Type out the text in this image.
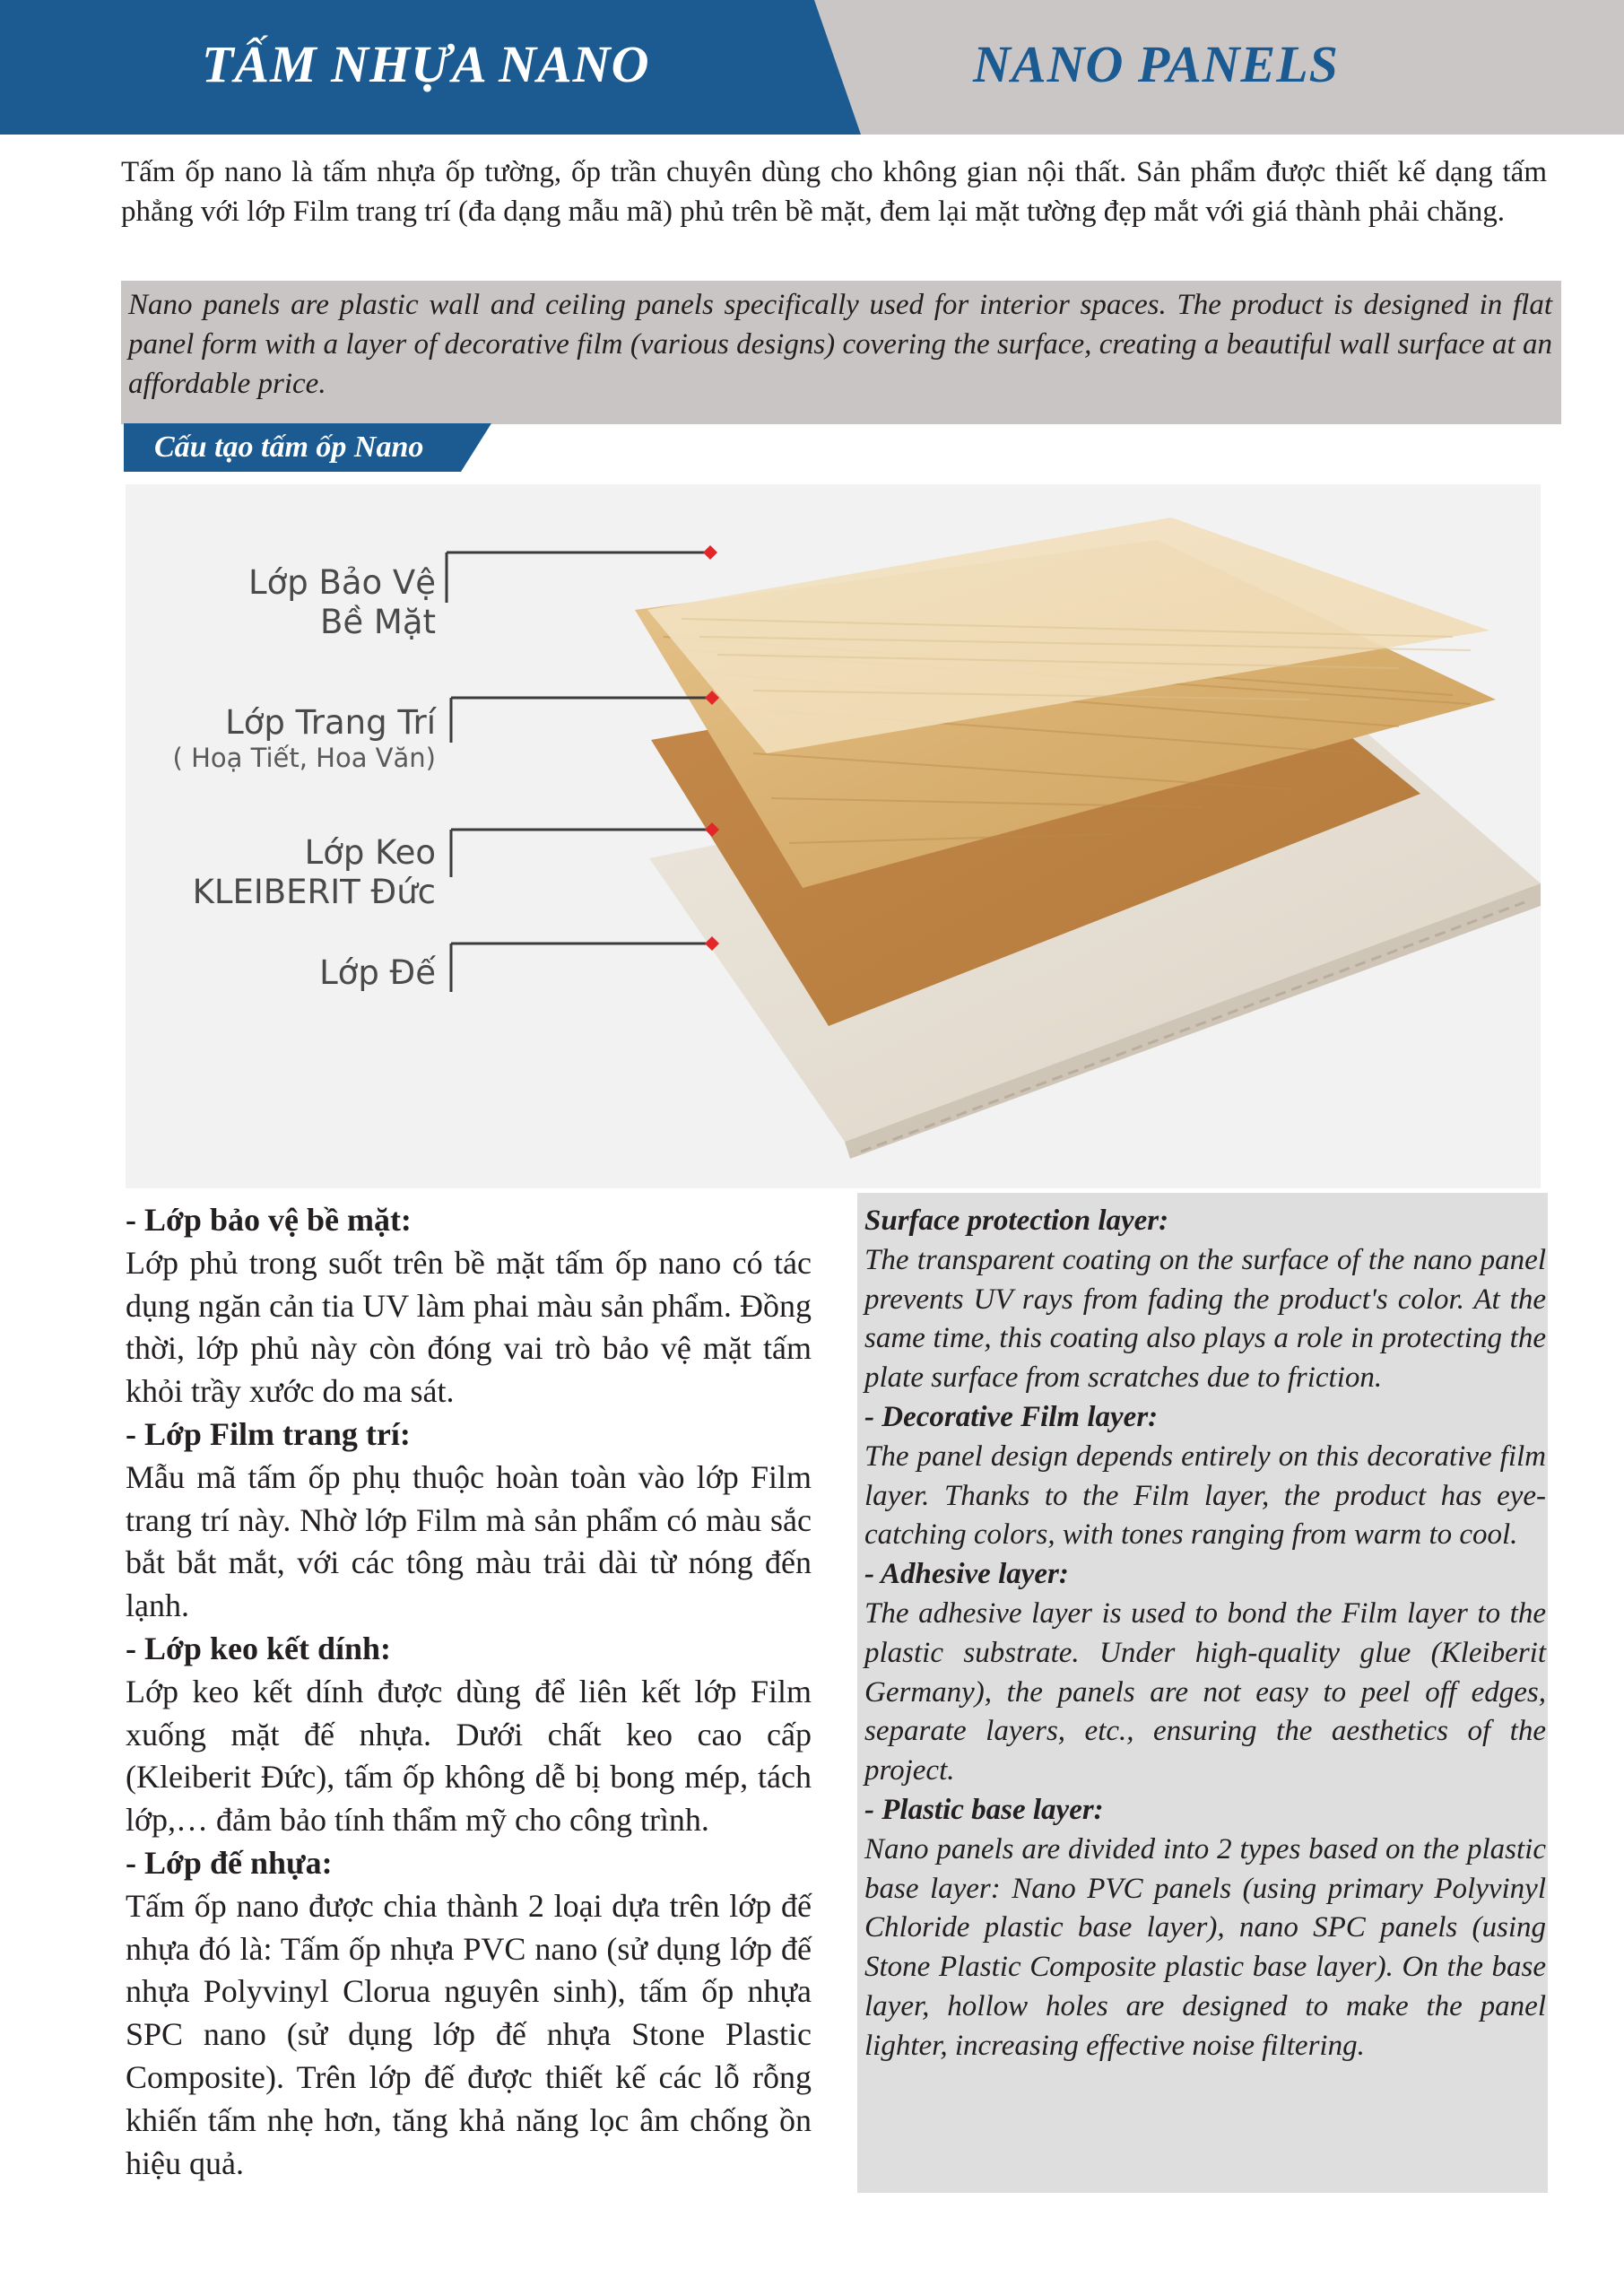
TẤM NHỰA NANO	NANO PANELS
Tấm ốp nano là tấm nhựa ốp tường, ốp trần chuyên dùng cho không gian nội thất. Sản phẩm được thiết kế dạng tấm phẳng với lớp Film trang trí (đa dạng mẫu mã) phủ trên bề mặt, đem lại mặt tường đẹp mắt với giá thành phải chăng.

Nano panels are plastic wall and ceiling panels specifically used for interior spaces. The product is designed in flat panel form with a layer of decorative film (various designs) covering the surface, creating a beautiful wall surface at an affordable price.

Cấu tạo tấm ốp Nano
Lớp Bảo Vệ
Bề Mặt
Lớp Trang Trí
( Hoạ Tiết, Hoa Văn)
Lớp Keo
KLEIBERIT Đức
Lớp Đế
- Lớp bảo vệ bề mặt:

Lớp phủ trong suốt trên bề mặt tấm ốp nano có tác dụng ngăn cản tia UV làm phai màu sản phẩm. Đồng thời, lớp phủ này còn đóng vai trò bảo vệ mặt tấm khỏi trầy xước do ma sát.

- Lớp Film trang trí:

Mẫu mã tấm ốp phụ thuộc hoàn toàn vào lớp Film trang trí này. Nhờ lớp Film mà sản phẩm có màu sắc bắt bắt mắt, với các tông màu trải dài từ nóng đến lạnh.

- Lớp keo kết dính:

Lớp keo kết dính được dùng để liên kết lớp Film xuống mặt đế nhựa. Dưới chất keo cao cấp (Kleiberit Đức), tấm ốp không dễ bị bong mép, tách lớp,… đảm bảo tính thẩm mỹ cho công trình.

- Lớp đế nhựa:

Tấm ốp nano được chia thành 2 loại dựa trên lớp đế nhựa đó là: Tấm ốp nhựa PVC nano (sử dụng lớp đế nhựa Polyvinyl Clorua nguyên sinh), tấm ốp nhựa SPC nano (sử dụng lớp đế nhựa Stone Plastic Composite). Trên lớp đế được thiết kế các lỗ rỗng khiến tấm nhẹ hơn, tăng khả năng lọc âm chống ồn hiệu quả.

Surface protection layer:

The transparent coating on the surface of the nano panel prevents UV rays from fading the product's color. At the same time, this coating also plays a role in protecting the plate surface from scratches due to friction.

- Decorative Film layer:

The panel design depends entirely on this decorative film layer. Thanks to the Film layer, the product has eye-catching colors, with tones ranging from warm to cool.

- Adhesive layer:

The adhesive layer is used to bond the Film layer to the plastic substrate. Under high-quality glue (Kleiberit Germany), the panels are not easy to peel off edges, separate layers, etc., ensuring the aesthetics of the project.

- Plastic base layer:

Nano panels are divided into 2 types based on the plastic base layer: Nano PVC panels (using primary Polyvinyl Chloride plastic base layer), nano SPC panels (using Stone Plastic Composite plastic base layer). On the base layer, hollow holes are designed to make the panel lighter, increasing effective noise filtering.
